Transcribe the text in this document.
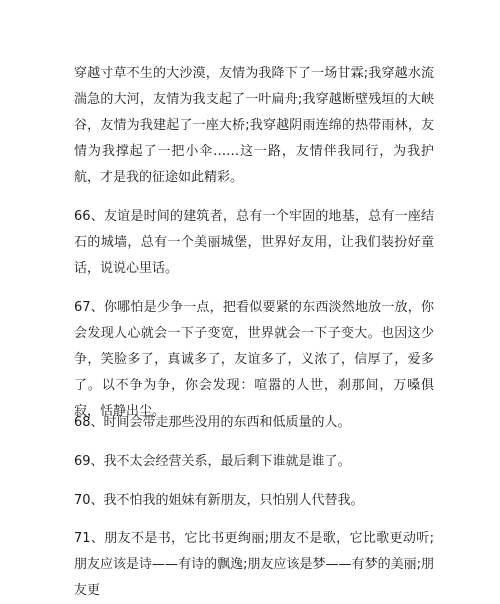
穿越寸草不生的大沙漠，友情为我降下了一场甘霖;我穿越水流湍急的大河，友情为我支起了一叶扁舟;我穿越断壁残垣的大峡谷，友情为我建起了一座大桥;我穿越阴雨连绵的热带雨林，友情为我撑起了一把小伞……这一路，友情伴我同行，为我护航，才是我的征途如此精彩。
66、友谊是时间的建筑者，总有一个牢固的地基，总有一座结石的城墙，总有一个美丽城堡，世界好友用，让我们装扮好童话，说说心里话。
67、你哪怕是少争一点，把看似要紧的东西淡然地放一放，你会发现人心就会一下子变宽，世界就会一下子变大。也因这少争，笑脸多了，真诚多了，友谊多了，义浓了，信厚了，爱多了。以不争为争，你会发现：喧嚣的人世，刹那间，万嗓俱寂，恬静出尘。
68、时间会带走那些没用的东西和低质量的人。
69、我不太会经营关系，最后剩下谁就是谁了。
70、我不怕我的姐妹有新朋友，只怕别人代替我。
71、朋友不是书，它比书更绚丽;朋友不是歌，它比歌更动听;朋友应该是诗——有诗的飘逸;朋友应该是梦——有梦的美丽;朋友更
